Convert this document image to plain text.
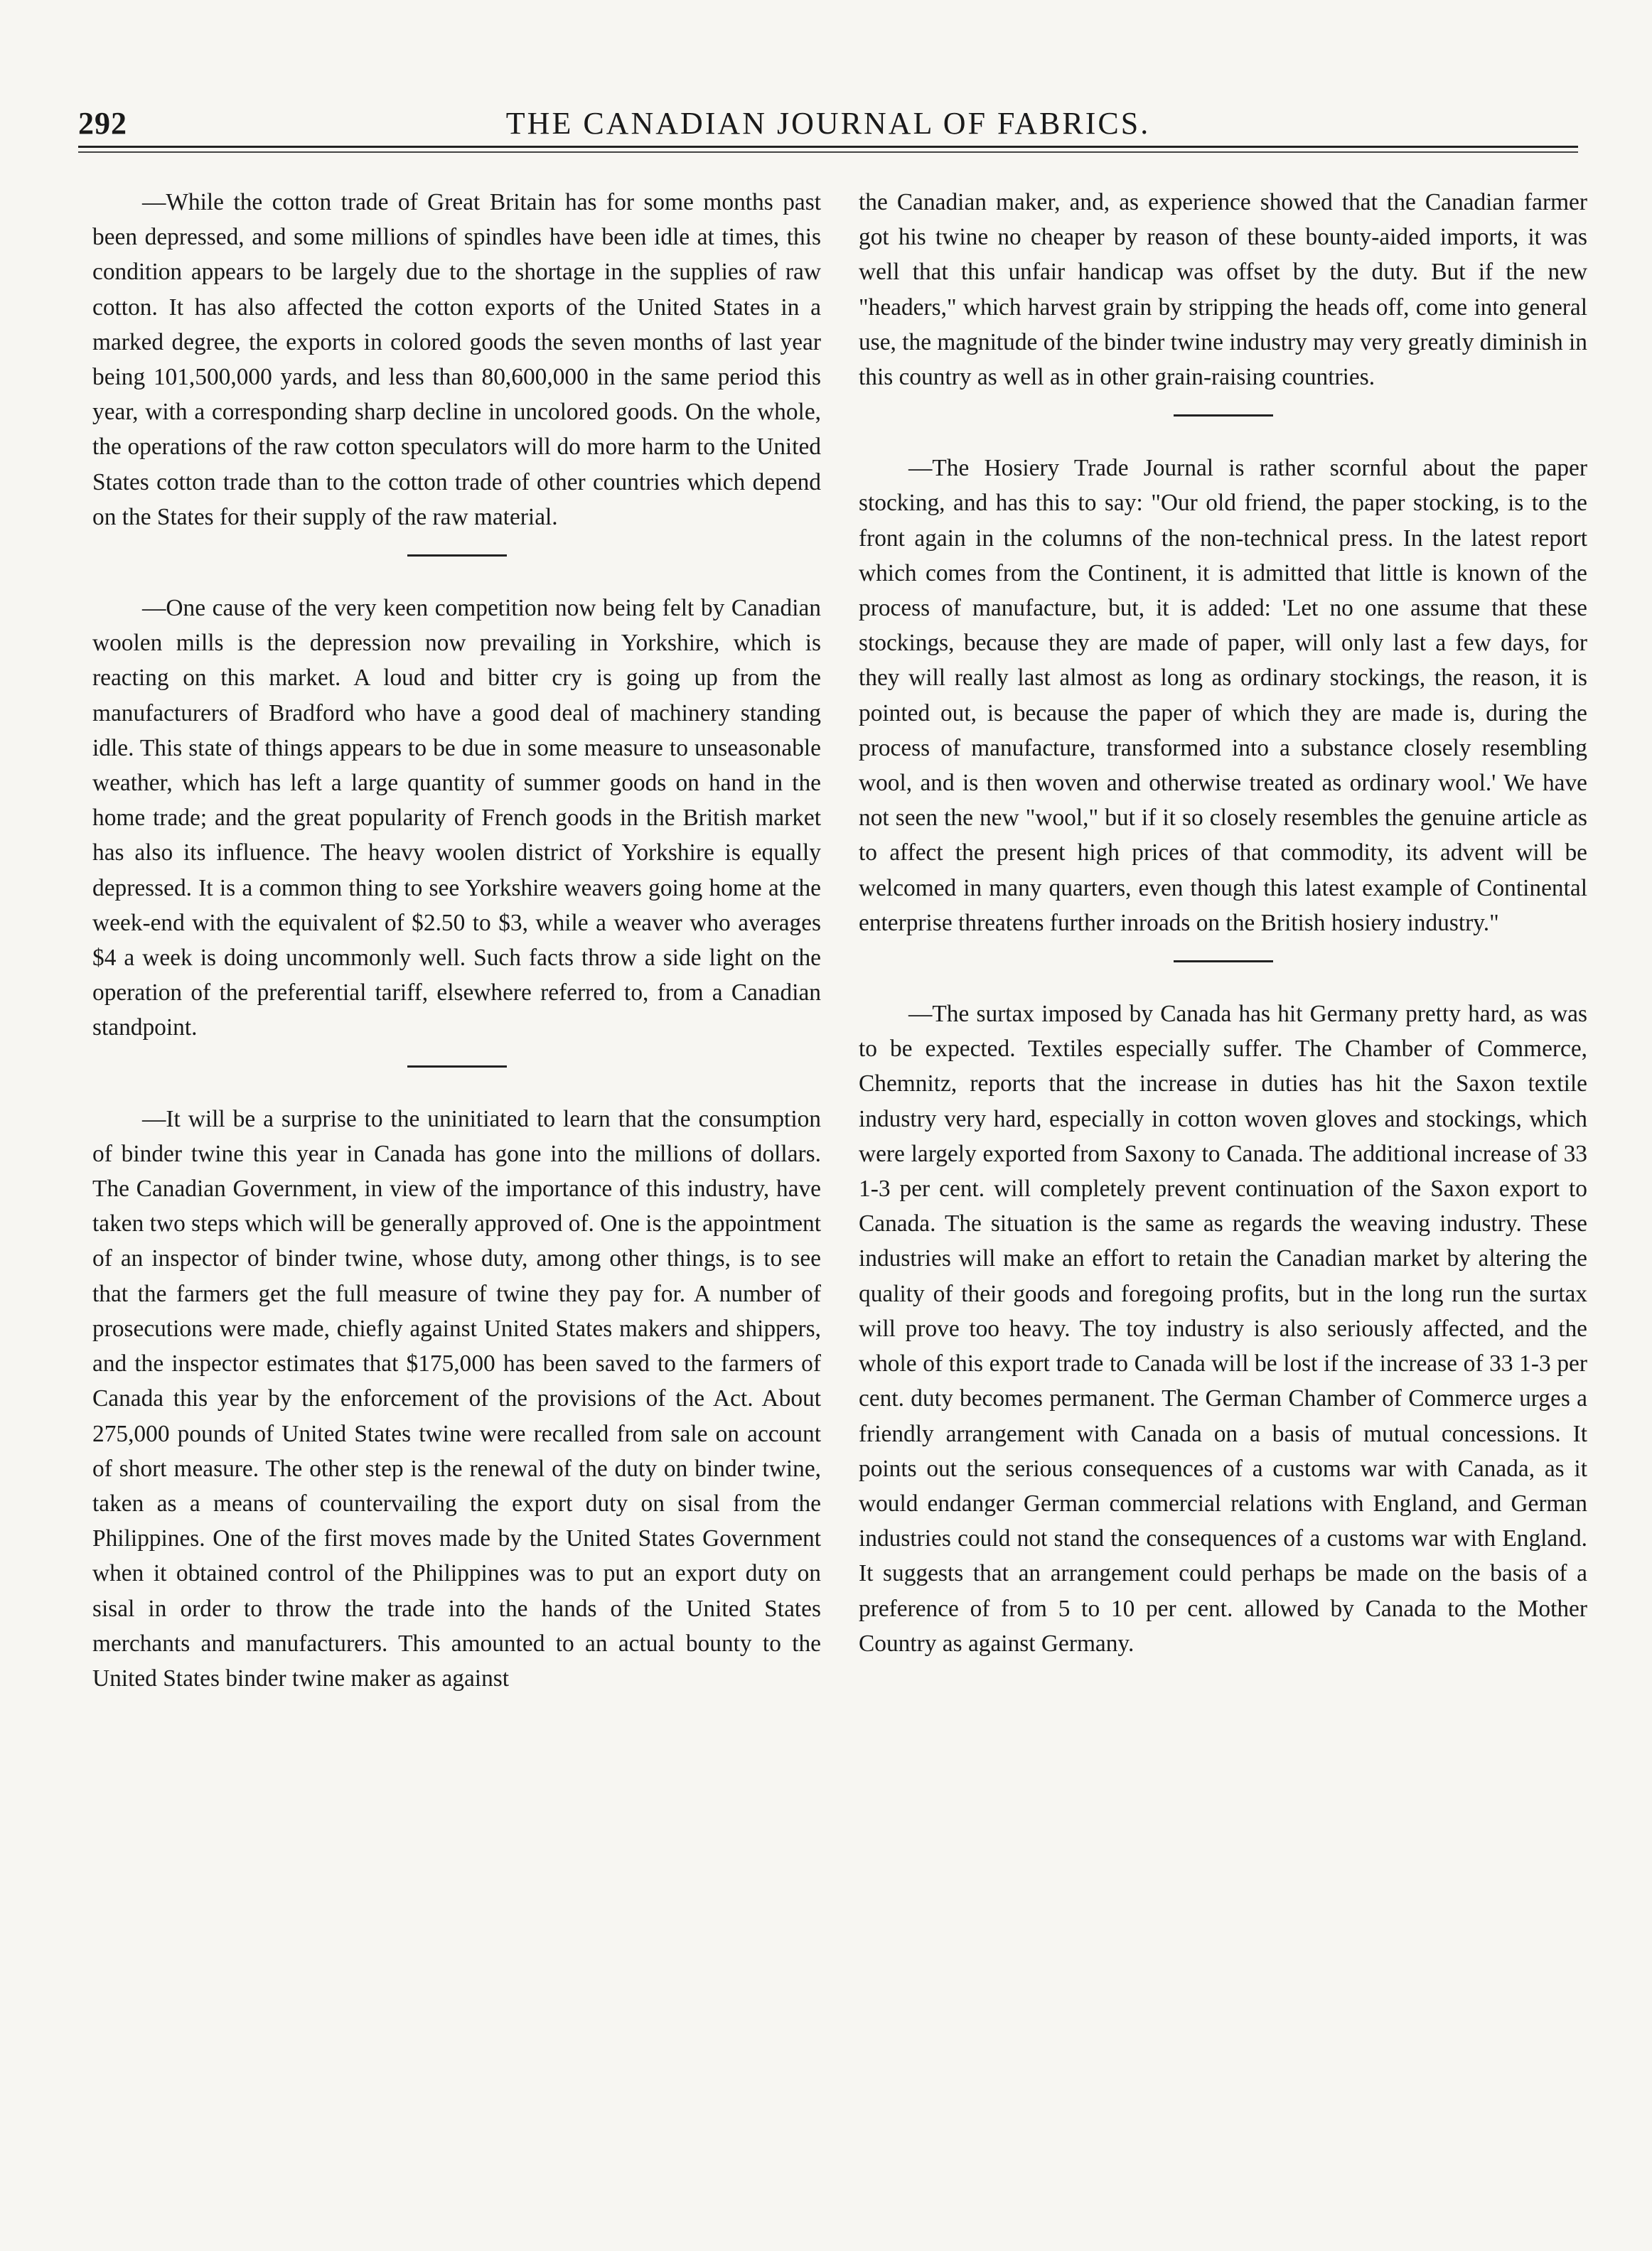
292	THE CANADIAN JOURNAL OF FABRICS.

—While the cotton trade of Great Britain has for some months past been depressed, and some millions of spindles have been idle at times, this condition appears to be largely due to the shortage in the supplies of raw cotton. It has also affected the cotton exports of the United States in a marked degree, the exports in colored goods the seven months of last year being 101,500,000 yards, and less than 80,600,000 in the same period this year, with a corresponding sharp decline in uncolored goods. On the whole, the operations of the raw cotton speculators will do more harm to the United States cotton trade than to the cotton trade of other countries which depend on the States for their supply of the raw material.

—One cause of the very keen competition now being felt by Canadian woolen mills is the depression now prevailing in Yorkshire, which is reacting on this market. A loud and bitter cry is going up from the manufacturers of Bradford who have a good deal of machinery standing idle. This state of things appears to be due in some measure to unseasonable weather, which has left a large quantity of summer goods on hand in the home trade; and the great popularity of French goods in the British market has also its influence. The heavy woolen district of Yorkshire is equally depressed. It is a common thing to see Yorkshire weavers going home at the week-end with the equivalent of $2.50 to $3, while a weaver who averages $4 a week is doing uncommonly well. Such facts throw a side light on the operation of the preferential tariff, elsewhere referred to, from a Canadian standpoint.

—It will be a surprise to the uninitiated to learn that the consumption of binder twine this year in Canada has gone into the millions of dollars. The Canadian Government, in view of the importance of this industry, have taken two steps which will be generally approved of. One is the appointment of an inspector of binder twine, whose duty, among other things, is to see that the farmers get the full measure of twine they pay for. A number of prosecutions were made, chiefly against United States makers and shippers, and the inspector estimates that $175,000 has been saved to the farmers of Canada this year by the enforcement of the provisions of the Act. About 275,000 pounds of United States twine were recalled from sale on account of short measure. The other step is the renewal of the duty on binder twine, taken as a means of countervailing the export duty on sisal from the Philippines. One of the first moves made by the United States Government when it obtained control of the Philippines was to put an export duty on sisal in order to throw the trade into the hands of the United States merchants and manufacturers. This amounted to an actual bounty to the United States binder twine maker as against

the Canadian maker, and, as experience showed that the Canadian farmer got his twine no cheaper by reason of these bounty-aided imports, it was well that this unfair handicap was offset by the duty. But if the new "headers," which harvest grain by stripping the heads off, come into general use, the magnitude of the binder twine industry may very greatly diminish in this country as well as in other grain-raising countries.

—The Hosiery Trade Journal is rather scornful about the paper stocking, and has this to say: "Our old friend, the paper stocking, is to the front again in the columns of the non-technical press. In the latest report which comes from the Continent, it is admitted that little is known of the process of manufacture, but, it is added: 'Let no one assume that these stockings, because they are made of paper, will only last a few days, for they will really last almost as long as ordinary stockings, the reason, it is pointed out, is because the paper of which they are made is, during the process of manufacture, transformed into a substance closely resembling wool, and is then woven and otherwise treated as ordinary wool.' We have not seen the new "wool," but if it so closely resembles the genuine article as to affect the present high prices of that commodity, its advent will be welcomed in many quarters, even though this latest example of Continental enterprise threatens further inroads on the British hosiery industry."

—The surtax imposed by Canada has hit Germany pretty hard, as was to be expected. Textiles especially suffer. The Chamber of Commerce, Chemnitz, reports that the increase in duties has hit the Saxon textile industry very hard, especially in cotton woven gloves and stockings, which were largely exported from Saxony to Canada. The additional increase of 33 1-3 per cent. will completely prevent continuation of the Saxon export to Canada. The situation is the same as regards the weaving industry. These industries will make an effort to retain the Canadian market by altering the quality of their goods and foregoing profits, but in the long run the surtax will prove too heavy. The toy industry is also seriously affected, and the whole of this export trade to Canada will be lost if the increase of 33 1-3 per cent. duty becomes permanent. The German Chamber of Commerce urges a friendly arrangement with Canada on a basis of mutual concessions. It points out the serious consequences of a customs war with Canada, as it would endanger German commercial relations with England, and German industries could not stand the consequences of a customs war with England. It suggests that an arrangement could perhaps be made on the basis of a preference of from 5 to 10 per cent. allowed by Canada to the Mother Country as against Germany.
